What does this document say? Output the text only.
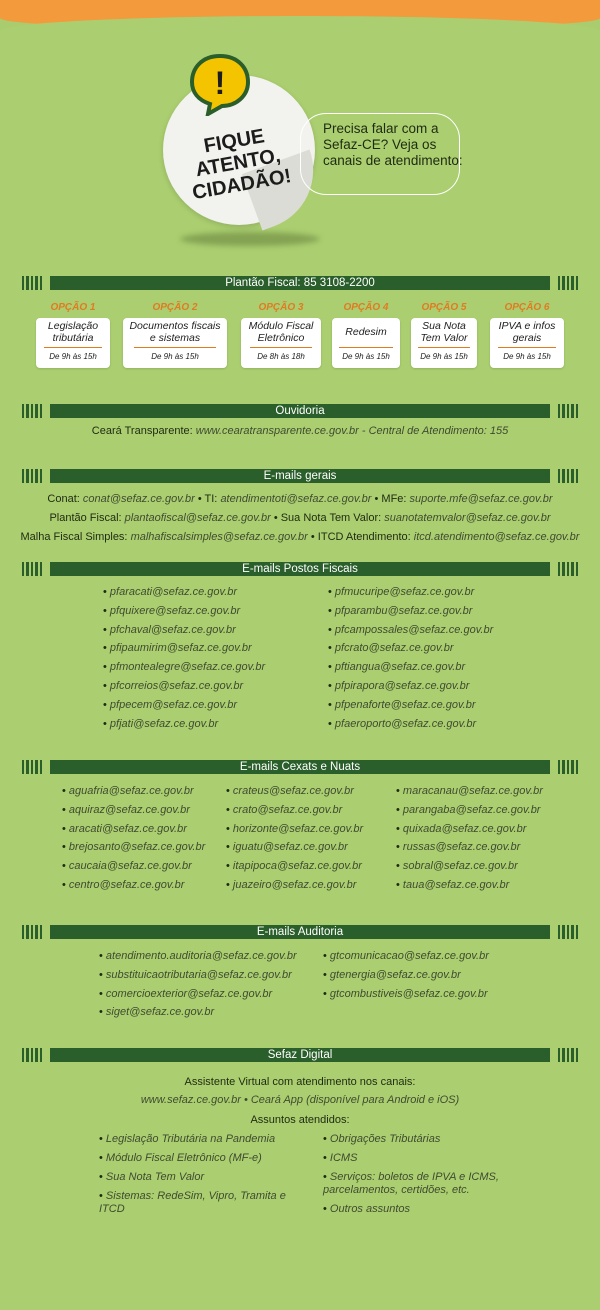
!
FIQUE ATENTO, CIDADÃO!
Precisa falar com a Sefaz-CE? Veja os canais de atendimento:
Plantão Fiscal: 85 3108-2200
OPÇÃO 1
Legislação tributária
De 9h às 15h
OPÇÃO 2
Documentos fiscais e sistemas
De 9h às 15h
OPÇÃO 3
Módulo Fiscal Eletrônico
De 8h às 18h
OPÇÃO 4
Redesim
De 9h às 15h
OPÇÃO 5
Sua Nota Tem Valor
De 9h às 15h
OPÇÃO 6
IPVA e infos gerais
De 9h às 15h
Ouvidoria
Ceará Transparente: www.cearatransparente.ce.gov.br - Central de Atendimento: 155
E-mails gerais
Conat: conat@sefaz.ce.gov.br • TI: atendimentoti@sefaz.ce.gov.br • MFe: suporte.mfe@sefaz.ce.gov.br
Plantão Fiscal: plantaofiscal@sefaz.ce.gov.br • Sua Nota Tem Valor: suanotatemvalor@sefaz.ce.gov.br
Malha Fiscal Simples: malhafiscalsimples@sefaz.ce.gov.br • ITCD Atendimento: itcd.atendimento@sefaz.ce.gov.br
E-mails Postos Fiscais
• pfaracati@sefaz.ce.gov.br
• pfquixere@sefaz.ce.gov.br
• pfchaval@sefaz.ce.gov.br
• pfipaumirim@sefaz.ce.gov.br
• pfmontealegre@sefaz.ce.gov.br
• pfcorreios@sefaz.ce.gov.br
• pfpecem@sefaz.ce.gov.br
• pfjati@sefaz.ce.gov.br
• pfmucuripe@sefaz.ce.gov.br
• pfparambu@sefaz.ce.gov.br
• pfcampossales@sefaz.ce.gov.br
• pfcrato@sefaz.ce.gov.br
• pftiangua@sefaz.ce.gov.br
• pfpirapora@sefaz.ce.gov.br
• pfpenaforte@sefaz.ce.gov.br
• pfaeroporto@sefaz.ce.gov.br
E-mails Cexats e Nuats
• aguafria@sefaz.ce.gov.br
• aquiraz@sefaz.ce.gov.br
• aracati@sefaz.ce.gov.br
• brejosanto@sefaz.ce.gov.br
• caucaia@sefaz.ce.gov.br
• centro@sefaz.ce.gov.br
• crateus@sefaz.ce.gov.br
• crato@sefaz.ce.gov.br
• horizonte@sefaz.ce.gov.br
• iguatu@sefaz.ce.gov.br
• itapipoca@sefaz.ce.gov.br
• juazeiro@sefaz.ce.gov.br
• maracanau@sefaz.ce.gov.br
• parangaba@sefaz.ce.gov.br
• quixada@sefaz.ce.gov.br
• russas@sefaz.ce.gov.br
• sobral@sefaz.ce.gov.br
• taua@sefaz.ce.gov.br
E-mails Auditoria
• atendimento.auditoria@sefaz.ce.gov.br
• substituicaotributaria@sefaz.ce.gov.br
• comercioexterior@sefaz.ce.gov.br
• siget@sefaz.ce.gov.br
• gtcomunicacao@sefaz.ce.gov.br
• gtenergia@sefaz.ce.gov.br
• gtcombustiveis@sefaz.ce.gov.br
Sefaz Digital
Assistente Virtual com atendimento nos canais:
www.sefaz.ce.gov.br • Ceará App (disponível para Android e iOS)
Assuntos atendidos:
• Legislação Tributária na Pandemia
• Módulo Fiscal Eletrônico (MF-e)
• Sua Nota Tem Valor
• Sistemas: RedeSim, Vipro, Tramita e ITCD
• Obrigações Tributárias
• ICMS
• Serviços: boletos de IPVA e ICMS, parcelamentos, certidões, etc.
• Outros assuntos
